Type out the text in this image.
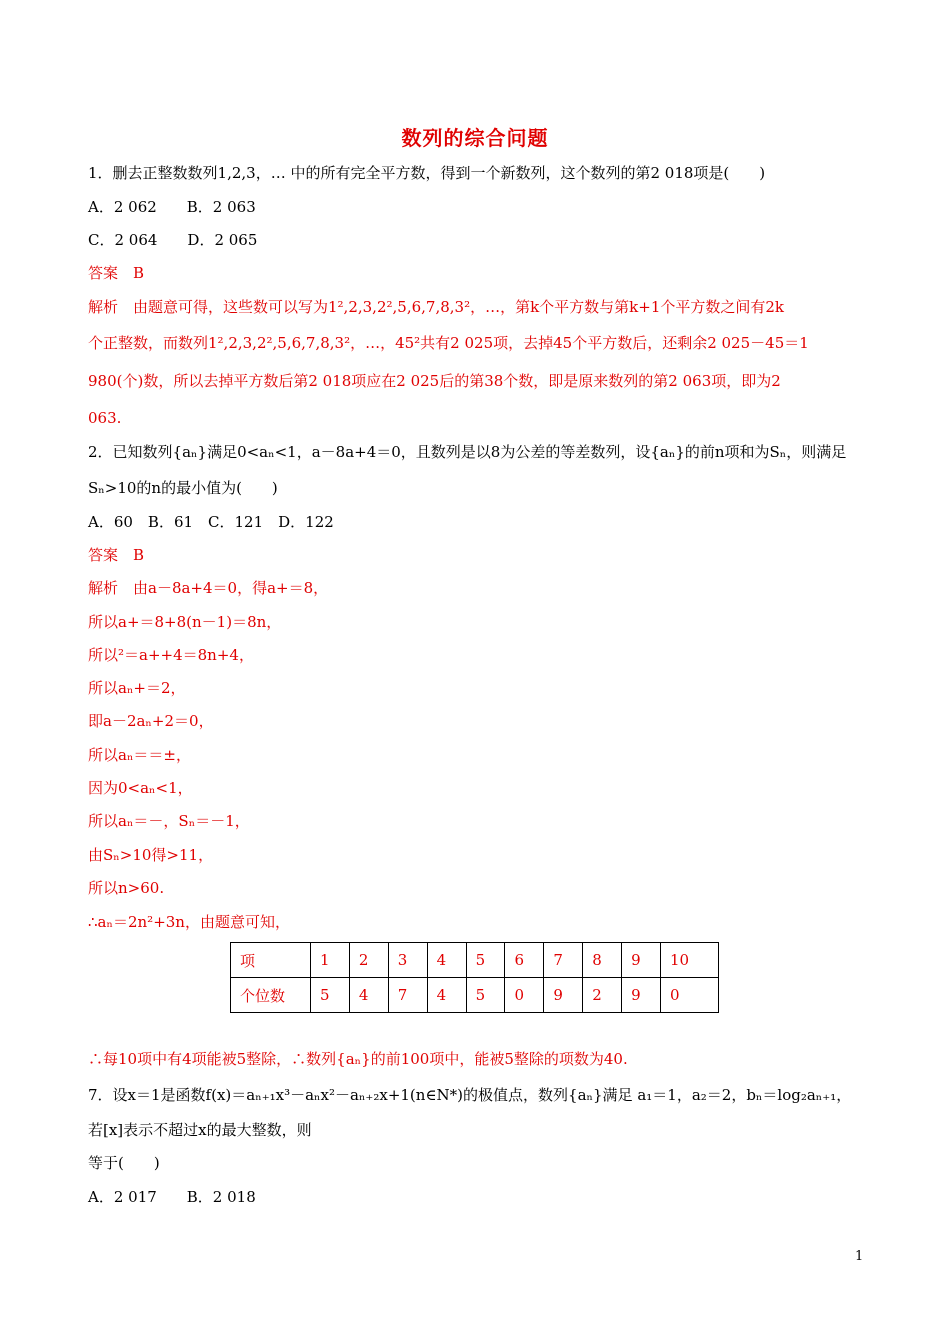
数列的综合问题
1．删去正整数数列1,2,3，… 中的所有完全平方数，得到一个新数列，这个数列的第2 018项是(　　)
A．2 062　　B．2 063
C．2 064　　D．2 065
答案　B
解析　由题意可得，这些数可以写为1²,2,3,2²,5,6,7,8,3²，…，第k个平方数与第k+1个平方数之间有2k
个正整数，而数列1²,2,3,2²,5,6,7,8,3²，…，45²共有2 025项，去掉45个平方数后，还剩余2 025－45＝1
980(个)数，所以去掉平方数后第2 018项应在2 025后的第38个数，即是原来数列的第2 063项，即为2
063.
2．已知数列{aₙ}满足0<aₙ<1，a－8a+4＝0，且数列是以8为公差的等差数列，设{aₙ}的前n项和为Sₙ，则满足
Sₙ>10的n的最小值为(　　)
A．60　B．61　C．121　D．122
答案　B
解析　由a－8a+4＝0，得a+＝8，
所以a+＝8+8(n－1)＝8n，
所以²＝a++4＝8n+4，
所以aₙ+＝2，
即a－2aₙ+2＝0，
所以aₙ＝＝±，
因为0<aₙ<1，
所以aₙ＝－，Sₙ＝－1，
由Sₙ>10得>11，
所以n>60.
∴aₙ＝2n²+3n，由题意可知，
项	1	2	3	4	5	6	7	8	9	10
个位数	5	4	7	4	5	0	9	2	9	0
∴每10项中有4项能被5整除，∴数列{aₙ}的前100项中，能被5整除的项数为40.
7．设x＝1是函数f(x)＝aₙ₊₁x³－aₙx²－aₙ₊₂x+1(n∈N*)的极值点，数列{aₙ}满足 a₁＝1，a₂＝2，bₙ＝log₂aₙ₊₁，
若[x]表示不超过x的最大整数，则
等于(　　)
A．2 017　　B．2 018
1
